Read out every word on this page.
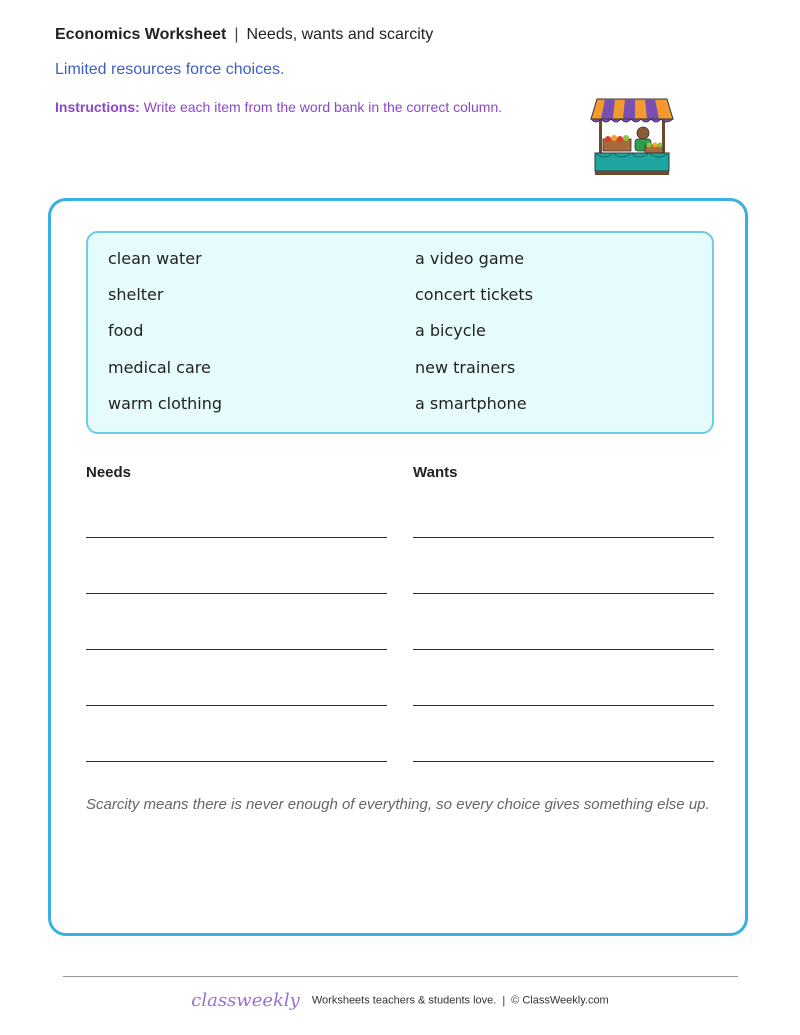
Economics Worksheet | Needs, wants and scarcity
Limited resources force choices.
Instructions: Write each item from the word bank in the correct column.
clean water
shelter
food
medical care
warm clothing
a video game
concert tickets
a bicycle
new trainers
a smartphone
Needs	Wants
Scarcity means there is never enough of everything, so every choice gives something else up.
classweekly Worksheets teachers & students love. | © ClassWeekly.com
